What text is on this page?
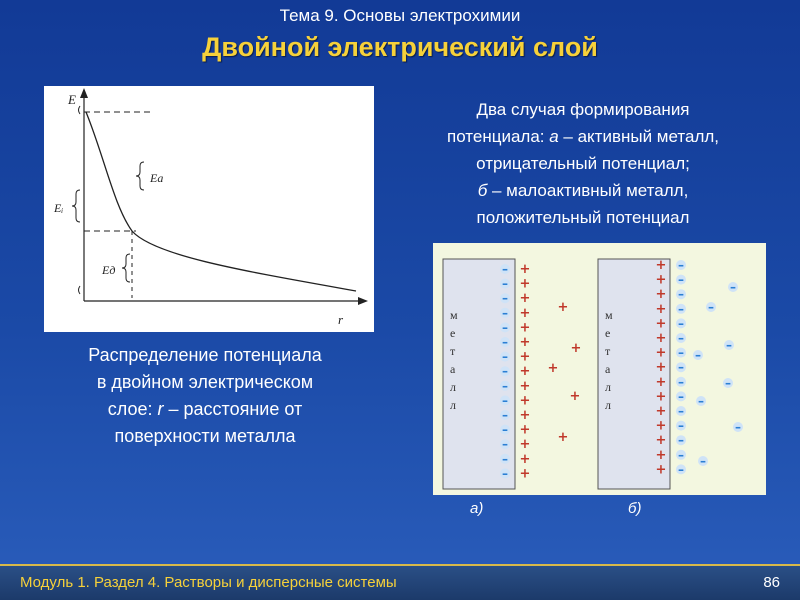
Тема 9. Основы электрохимии
Двойной электрический слой
E
r
Ea
Eᵢ
Eд
Два случая формирования
потенциала: а – активный металл,
отрицательный потенциал;
б – малоактивный металл,
положительный потенциал
Распределение потенциала
в двойном электрическом
слое: r – расстояние от
поверхности металла
м
е
т
а
л
л
м
е
т
а
л
л
– +
– +
– +
– +
– +
– +
– +
– +
– +
– +
– +
– +
– +
– +
– +
+
+
+
+
+
+ –
+ –
+ –
+ –
+ –
+ –
+ –
+ –
+ –
+ –
+ –
+ –
+ –
+ –
+ –
–
–
–
–
–
–
–
–
а)	б)
Модуль 1. Раздел 4. Растворы и дисперсные системы	86
